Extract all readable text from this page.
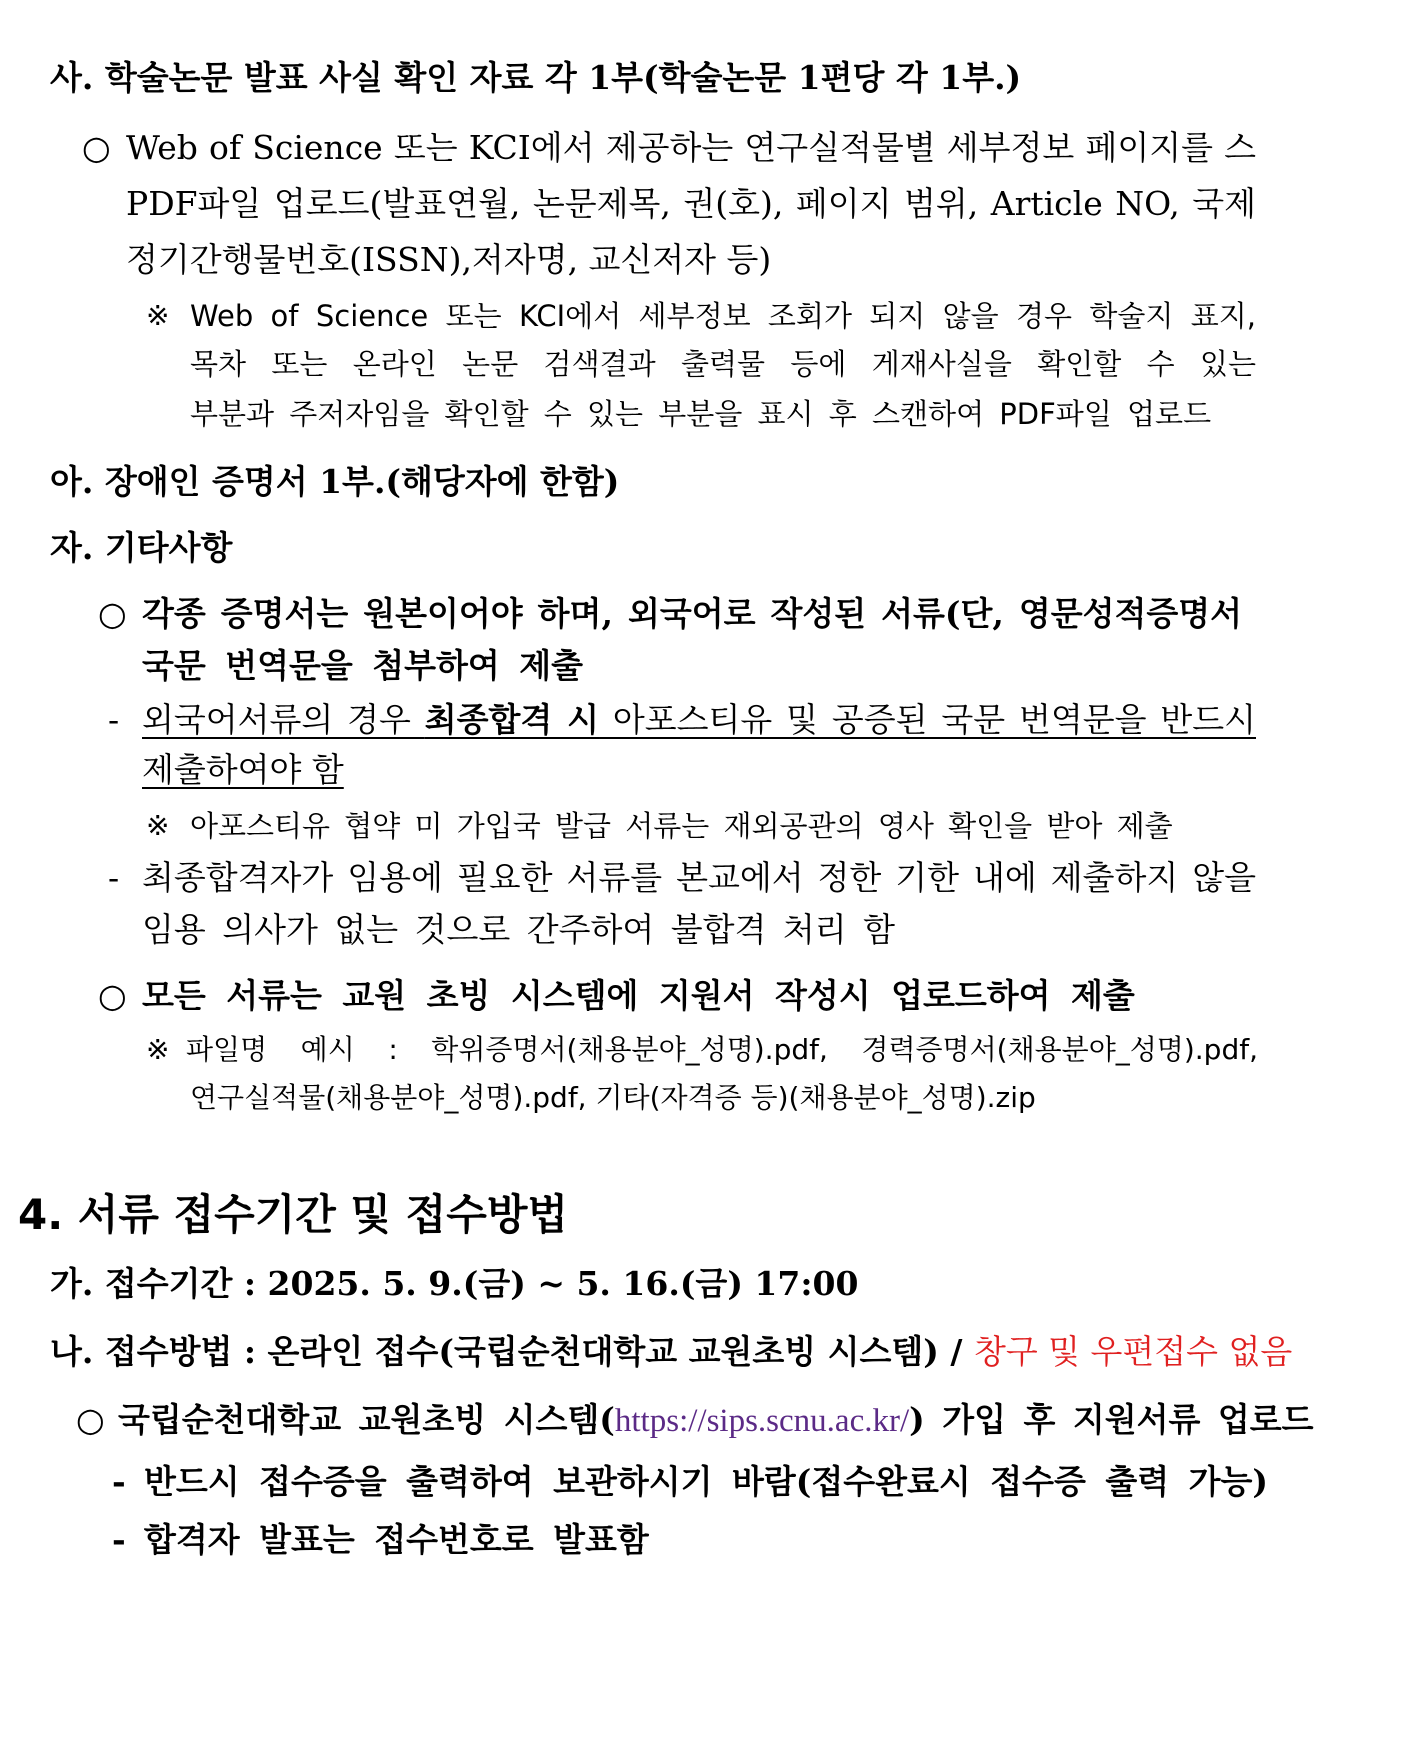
사. 학술논문 발표 사실 확인 자료 각 1부(학술논문 1편당 각 1부.)
○ Web of Science 또는 KCI에서 제공하는 연구실적물별 세부정보 페이지를 스
PDF파일 업로드(발표연월, 논문제목, 권(호), 페이지 범위, Article NO, 국제
정기간행물번호(ISSN),저자명, 교신저자 등)
※ Web of Science 또는 KCI에서 세부정보 조회가 되지 않을 경우 학술지 표지,
목차 또는 온라인 논문 검색결과 출력물 등에 게재사실을 확인할 수 있는
부분과 주저자임을 확인할 수 있는 부분을 표시 후 스캔하여 PDF파일 업로드
아. 장애인 증명서 1부.(해당자에 한함)
자. 기타사항
○ 각종 증명서는 원본이어야 하며, 외국어로 작성된 서류(단, 영문성적증명서
국문 번역문을 첨부하여 제출
- 외국어서류의 경우 최종합격 시 아포스티유 및 공증된 국문 번역문을 반드시
제출하여야 함
※ 아포스티유 협약 미 가입국 발급 서류는 재외공관의 영사 확인을 받아 제출
- 최종합격자가 임용에 필요한 서류를 본교에서 정한 기한 내에 제출하지 않을
임용 의사가 없는 것으로 간주하여 불합격 처리 함
○ 모든 서류는 교원 초빙 시스템에 지원서 작성시 업로드하여 제출
※ 파일명 예시 : 학위증명서(채용분야_성명).pdf, 경력증명서(채용분야_성명).pdf,
연구실적물(채용분야_성명).pdf, 기타(자격증 등)(채용분야_성명).zip
4. 서류 접수기간 및 접수방법
가. 접수기간 : 2025. 5. 9.(금) ~ 5. 16.(금) 17:00
나. 접수방법 : 온라인 접수(국립순천대학교 교원초빙 시스템) / 창구 및 우편접수 없음
○ 국립순천대학교 교원초빙 시스템(https://sips.scnu.ac.kr/) 가입 후 지원서류 업로드
- 반드시 접수증을 출력하여 보관하시기 바람(접수완료시 접수증 출력 가능)
- 합격자 발표는 접수번호로 발표함
